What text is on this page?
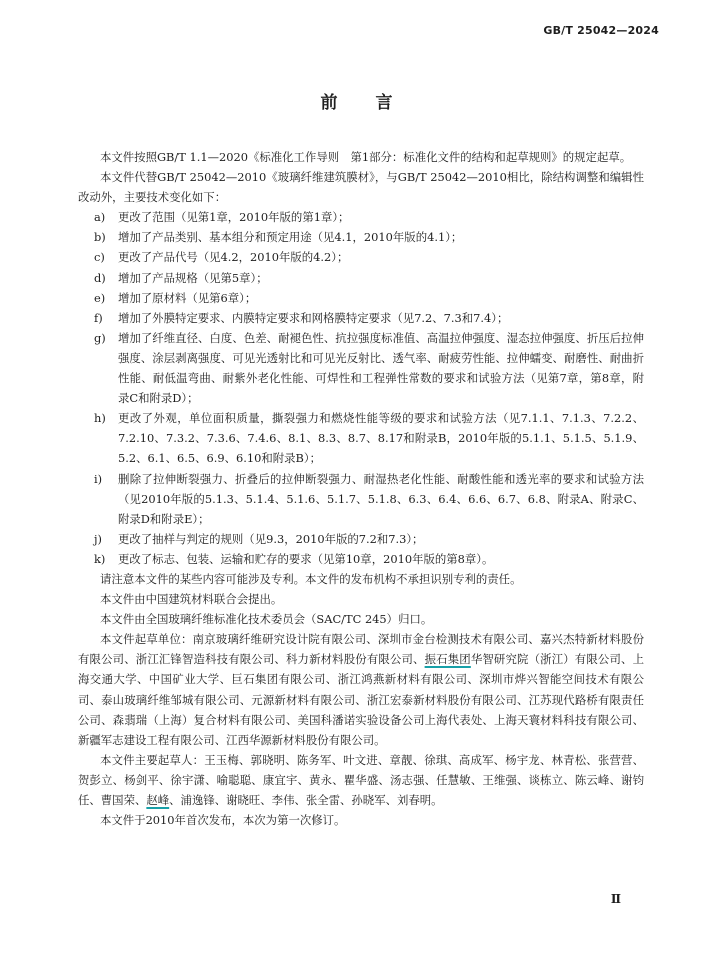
GB/T 25042—2024
前 言

本文件按照GB/T 1.1—2020《标准化工作导则　第1部分：标准化文件的结构和起草规则》的规定起草。

本文件代替GB/T 25042—2010《玻璃纤维建筑膜材》，与GB/T 25042—2010相比，除结构调整和编辑性改动外，主要技术变化如下：

a) 更改了范围（见第1章，2010年版的第1章）；

b) 增加了产品类别、基本组分和预定用途（见4.1，2010年版的4.1）；

c) 更改了产品代号（见4.2，2010年版的4.2）；

d) 增加了产品规格（见第5章）；

e) 增加了原材料（见第6章）；

f) 增加了外膜特定要求、内膜特定要求和网格膜特定要求（见7.2、7.3和7.4）；

g) 增加了纤维直径、白度、色差、耐褪色性、抗拉强度标准值、高温拉伸强度、湿态拉伸强度、折压后拉伸强度、涂层剥离强度、可见光透射比和可见光反射比、透气率、耐疲劳性能、拉伸蠕变、耐磨性、耐曲折性能、耐低温弯曲、耐紫外老化性能、可焊性和工程弹性常数的要求和试验方法（见第7章，第8章，附录C和附录D）；

h) 更改了外观，单位面积质量，撕裂强力和燃烧性能等级的要求和试验方法（见7.1.1、7.1.3、7.2.2、7.2.10、7.3.2、7.3.6、7.4.6、8.1、8.3、8.7、8.17和附录B，2010年版的5.1.1、5.1.5、5.1.9、5.2、6.1、6.5、6.9、6.10和附录B）；

i) 删除了拉伸断裂强力、折叠后的拉伸断裂强力、耐湿热老化性能、耐酸性能和透光率的要求和试验方法（见2010年版的5.1.3、5.1.4、5.1.6、5.1.7、5.1.8、6.3、6.4、6.6、6.7、6.8、附录A、附录C、附录D和附录E）；

j) 更改了抽样与判定的规则（见9.3，2010年版的7.2和7.3）；

k) 更改了标志、包装、运输和贮存的要求（见第10章，2010年版的第8章）。

请注意本文件的某些内容可能涉及专利。本文件的发布机构不承担识别专利的责任。

本文件由中国建筑材料联合会提出。

本文件由全国玻璃纤维标准化技术委员会（SAC/TC 245）归口。

本文件起草单位：南京玻璃纤维研究设计院有限公司、深圳市金台检测技术有限公司、嘉兴杰特新材料股份有限公司、浙江汇锋智造科技有限公司、科力新材料股份有限公司、振石集团华智研究院（浙江）有限公司、上海交通大学、中国矿业大学、巨石集团有限公司、浙江鸿燕新材料有限公司、深圳市烨兴智能空间技术有限公司、泰山玻璃纤维邹城有限公司、元源新材料有限公司、浙江宏泰新材料股份有限公司、江苏现代路桥有限责任公司、森翡瑞（上海）复合材料有限公司、美国科潘诺实验设备公司上海代表处、上海天寰材料科技有限公司、新疆军志建设工程有限公司、江西华源新材料股份有限公司。

本文件主要起草人：王玉梅、郭晓明、陈务军、叶文进、章靓、徐琪、高成军、杨宇龙、林青松、张营营、贺彭立、杨剑平、徐宇潇、喻聪聪、康宜宇、黄永、瞿华盛、汤志强、任慧敏、王维强、谈栋立、陈云峰、谢钧任、曹国荣、赵峰、浦逸锋、谢晓旺、李伟、张全雷、孙晓军、刘春明。

本文件于2010年首次发布，本次为第一次修订。

Ⅱ
